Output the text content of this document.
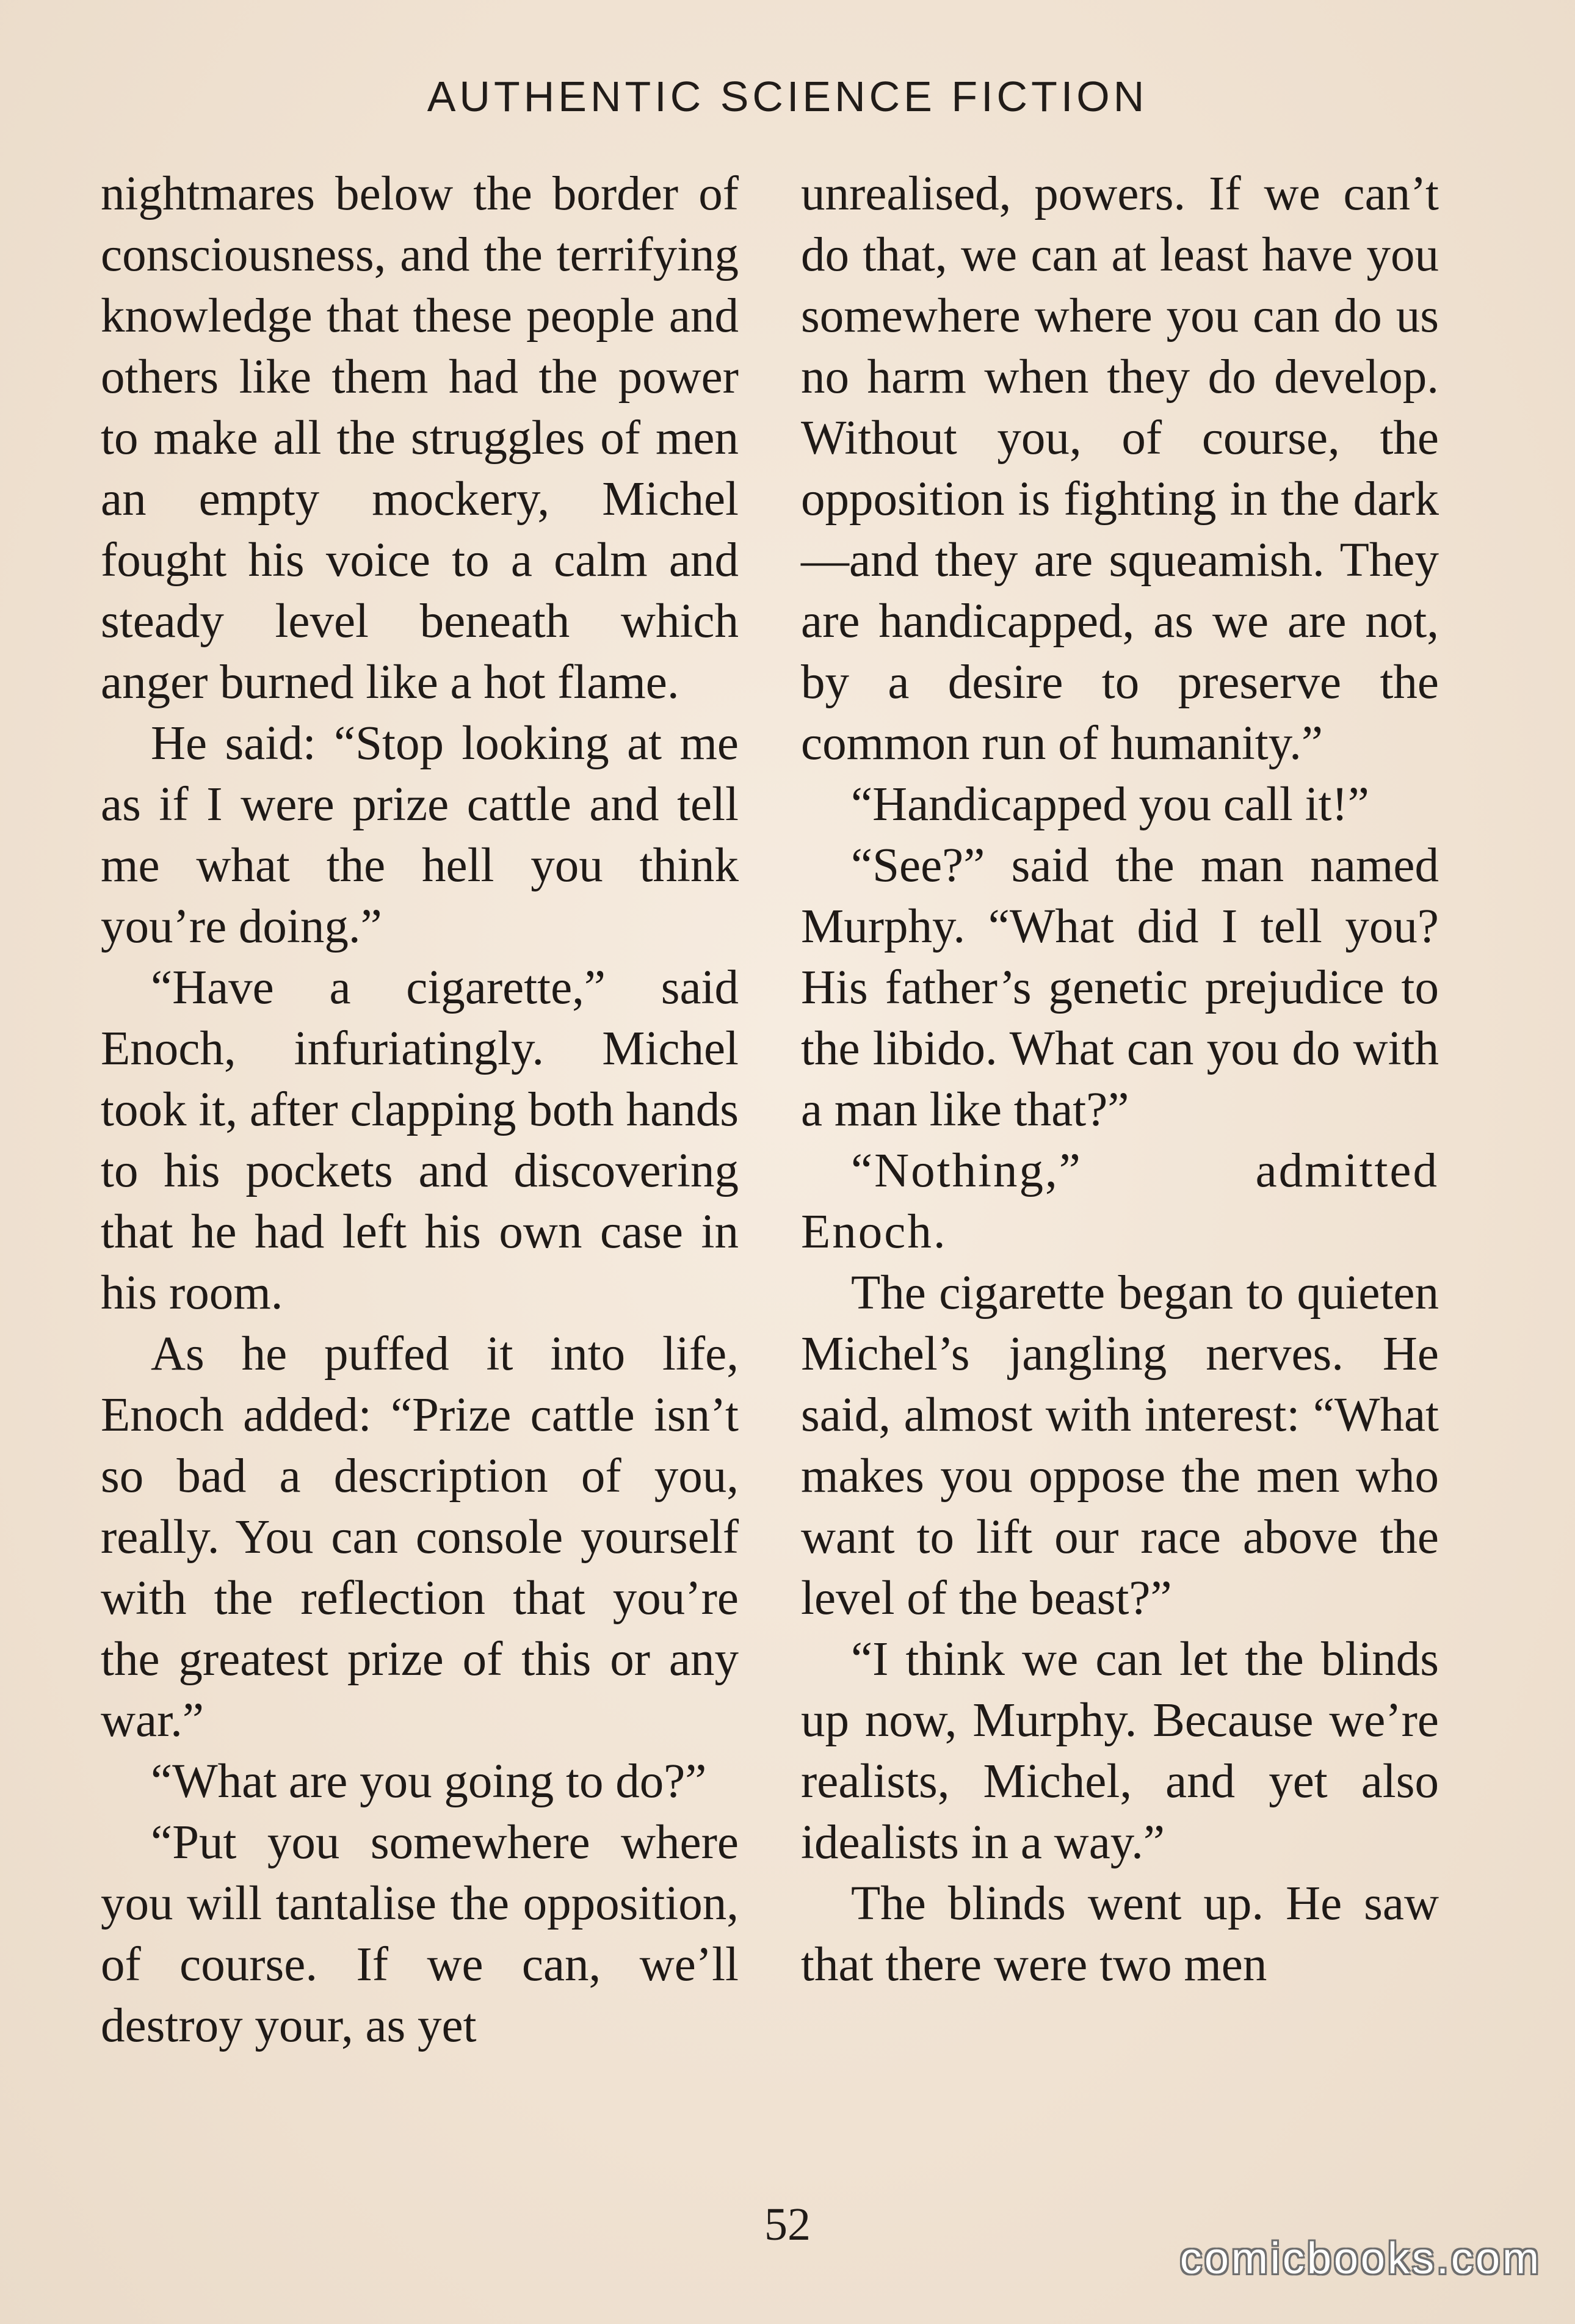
AUTHENTIC SCIENCE FICTION

nightmares below the border of consciousness, and the terrifying knowledge that these people and others like them had the power to make all the struggles of men an empty mockery, Michel fought his voice to a calm and steady level beneath which anger burned like a hot flame.

He said: “Stop looking at me as if I were prize cattle and tell me what the hell you think you’re doing.”

“Have a cigarette,” said Enoch, infuriatingly. Michel took it, after clapping both hands to his pockets and discovering that he had left his own case in his room.

As he puffed it into life, Enoch added: “Prize cattle isn’t so bad a description of you, really. You can console yourself with the reflection that you’re the greatest prize of this or any war.”

“What are you going to do?”

“Put you somewhere where you will tantalise the opposition, of course. If we can, we’ll destroy your, as yet

unrealised, powers. If we can’t do that, we can at least have you somewhere where you can do us no harm when they do develop. Without you, of course, the opposition is fighting in the dark—and they are squeamish. They are handicapped, as we are not, by a desire to preserve the common run of humanity.”

“Handicapped you call it!”

“See?” said the man named Murphy. “What did I tell you? His father’s genetic prejudice to the libido. What can you do with a man like that?”

“Nothing,” admitted Enoch.

The cigarette began to quieten Michel’s jangling nerves. He said, almost with interest: “What makes you oppose the men who want to lift our race above the level of the beast?”

“I think we can let the blinds up now, Murphy. Because we’re realists, Michel, and yet also idealists in a way.”

The blinds went up. He saw that there were two men

52
comicbooks.com
